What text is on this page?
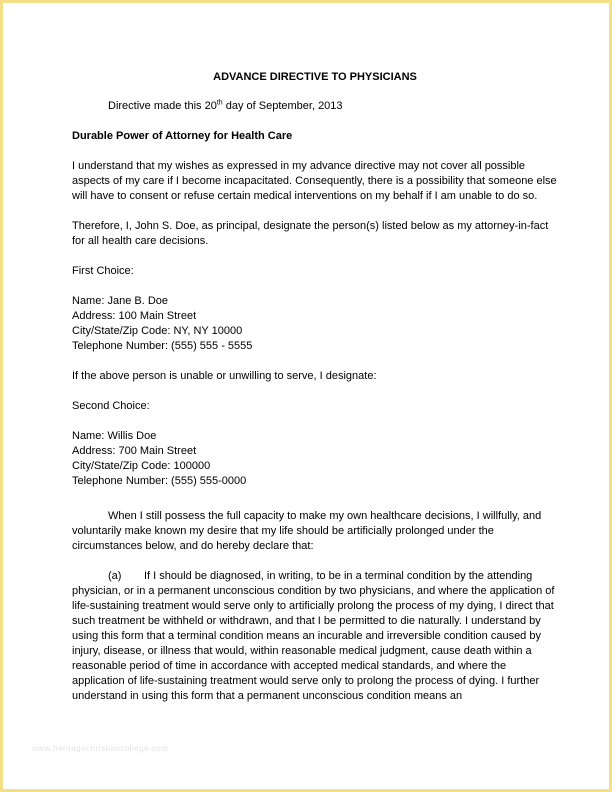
ADVANCE DIRECTIVE TO PHYSICIANS

Directive made this 20th day of September, 2013

Durable Power of Attorney for Health Care

I understand that my wishes as expressed in my advance directive may not cover all possible aspects of my care if I become incapacitated. Consequently, there is a possibility that someone else will have to consent or refuse certain medical interventions on my behalf if I am unable to do so.

Therefore, I, John S. Doe, as principal, designate the person(s) listed below as my attorney-in-fact for all health care decisions.

First Choice:

Name: Jane B. Doe

Address: 100 Main Street

City/State/Zip Code: NY, NY 10000

Telephone Number: (555) 555 - 5555

If the above person is unable or unwilling to serve, I designate:

Second Choice:

Name: Willis Doe

Address: 700 Main Street

City/State/Zip Code: 100000

Telephone Number: (555) 555-0000

When I still possess the full capacity to make my own healthcare decisions, I willfully, and voluntarily make known my desire that my life should be artificially prolonged under the circumstances below, and do hereby declare that:

(a) If I should be diagnosed, in writing, to be in a terminal condition by the attending physician, or in a permanent unconscious condition by two physicians, and where the application of life-sustaining treatment would serve only to artificially prolong the process of my dying, I direct that such treatment be withheld or withdrawn, and that I be permitted to die naturally. I understand by using this form that a terminal condition means an incurable and irreversible condition caused by injury, disease, or illness that would, within reasonable medical judgment, cause death within a reasonable period of time in accordance with accepted medical standards, and where the application of life-sustaining treatment would serve only to prolong the process of dying. I further understand in using this form that a permanent unconscious condition means an

www.heritagechristiancollege.com
